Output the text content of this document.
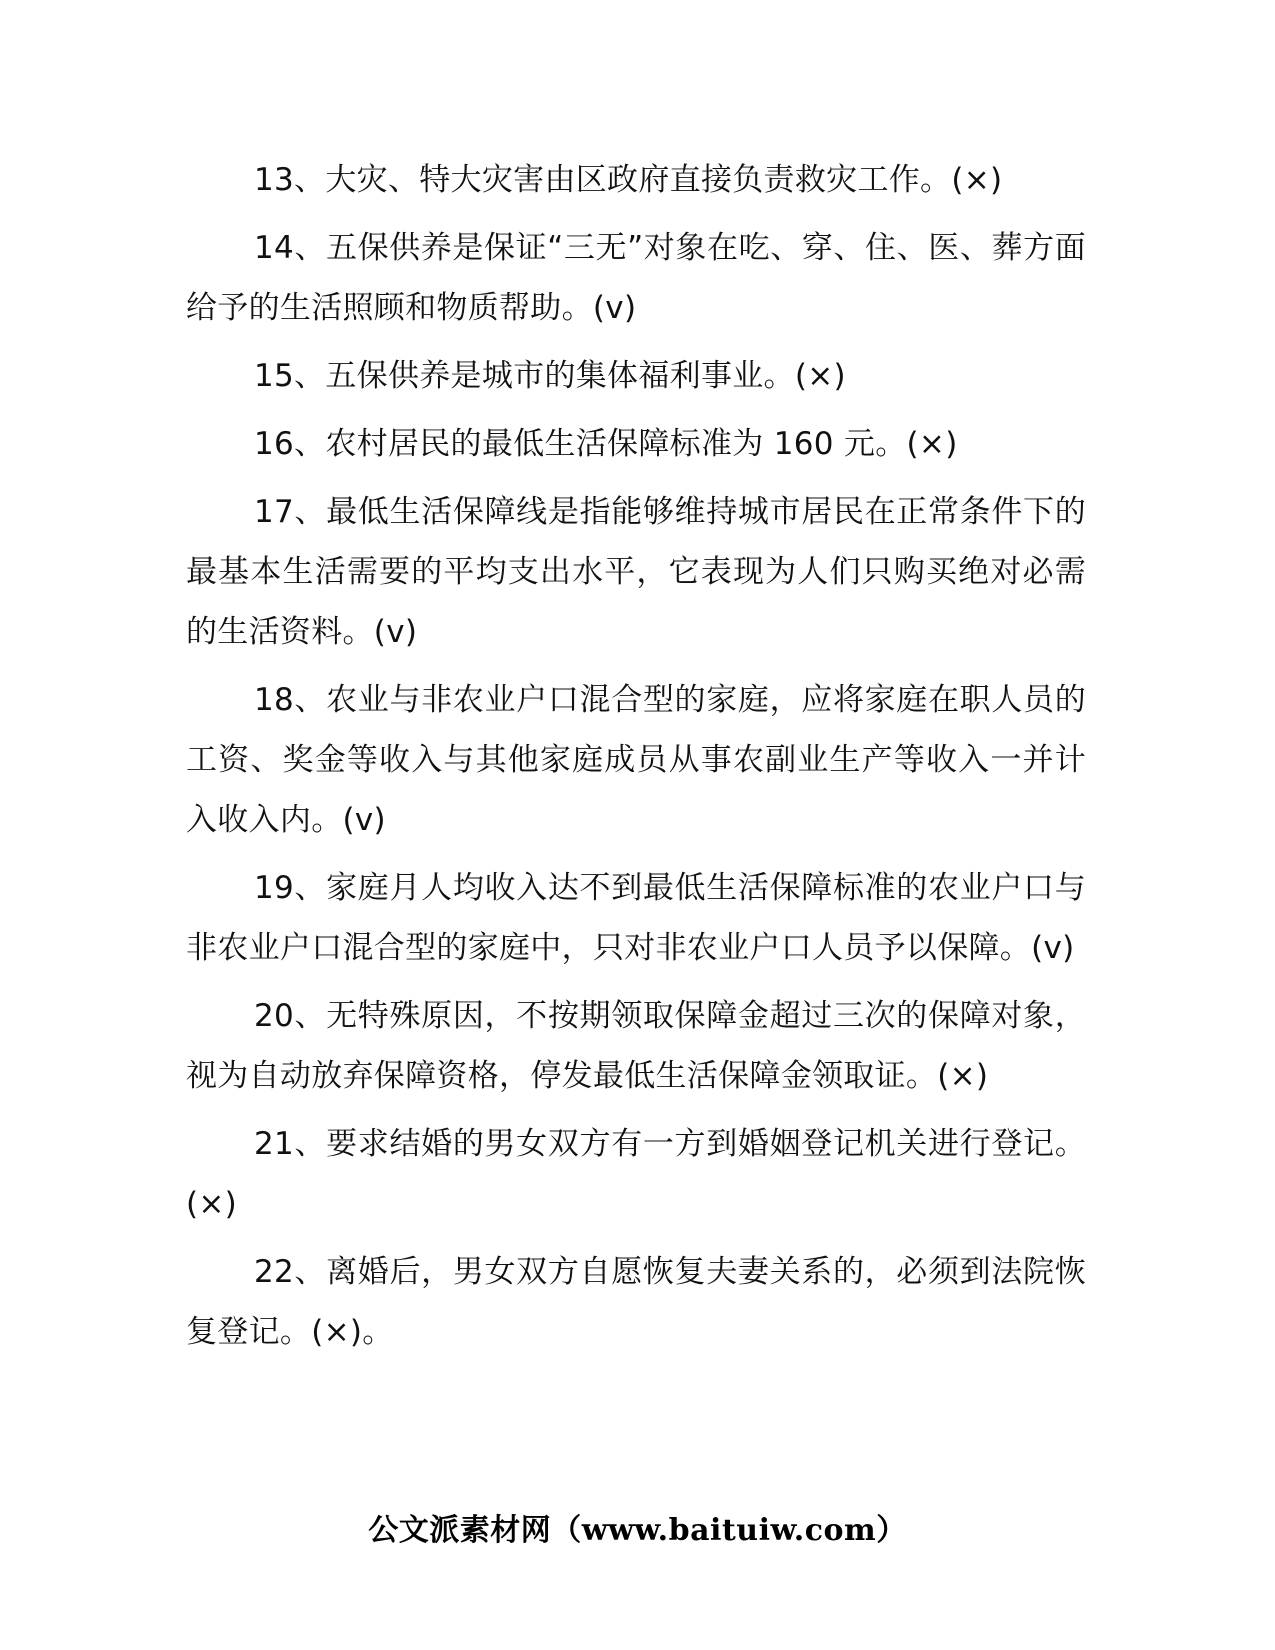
13、大灾、特大灾害由区政府直接负责救灾工作。(×)

14、五保供养是保证“三无”对象在吃、穿、住、医、葬方面给予的生活照顾和物质帮助。(v)

15、五保供养是城市的集体福利事业。(×)

16、农村居民的最低生活保障标准为 160 元。(×)

17、最低生活保障线是指能够维持城市居民在正常条件下的最基本生活需要的平均支出水平，它表现为人们只购买绝对必需的生活资料。(v)

18、农业与非农业户口混合型的家庭，应将家庭在职人员的工资、奖金等收入与其他家庭成员从事农副业生产等收入一并计入收入内。(v)

19、家庭月人均收入达不到最低生活保障标准的农业户口与非农业户口混合型的家庭中，只对非农业户口人员予以保障。(v)

20、无特殊原因，不按期领取保障金超过三次的保障对象，视为自动放弃保障资格，停发最低生活保障金领取证。(×)

21、要求结婚的男女双方有一方到婚姻登记机关进行登记。(×)

22、离婚后，男女双方自愿恢复夫妻关系的，必须到法院恢复登记。(×)。

公文派素材网（www.baituiw.com）
